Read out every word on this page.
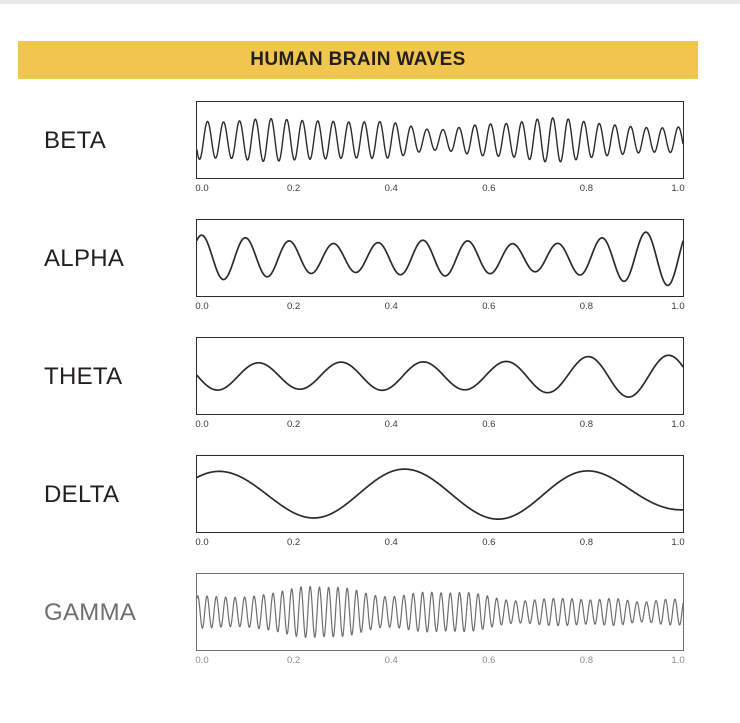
HUMAN BRAIN WAVES
BETA
0.0	0.2	0.4	0.6	0.8	1.0
ALPHA
0.0	0.2	0.4	0.6	0.8	1.0
THETA
0.0	0.2	0.4	0.6	0.8	1.0
DELTA
0.0	0.2	0.4	0.6	0.8	1.0
GAMMA
0.0	0.2	0.4	0.6	0.8	1.0
